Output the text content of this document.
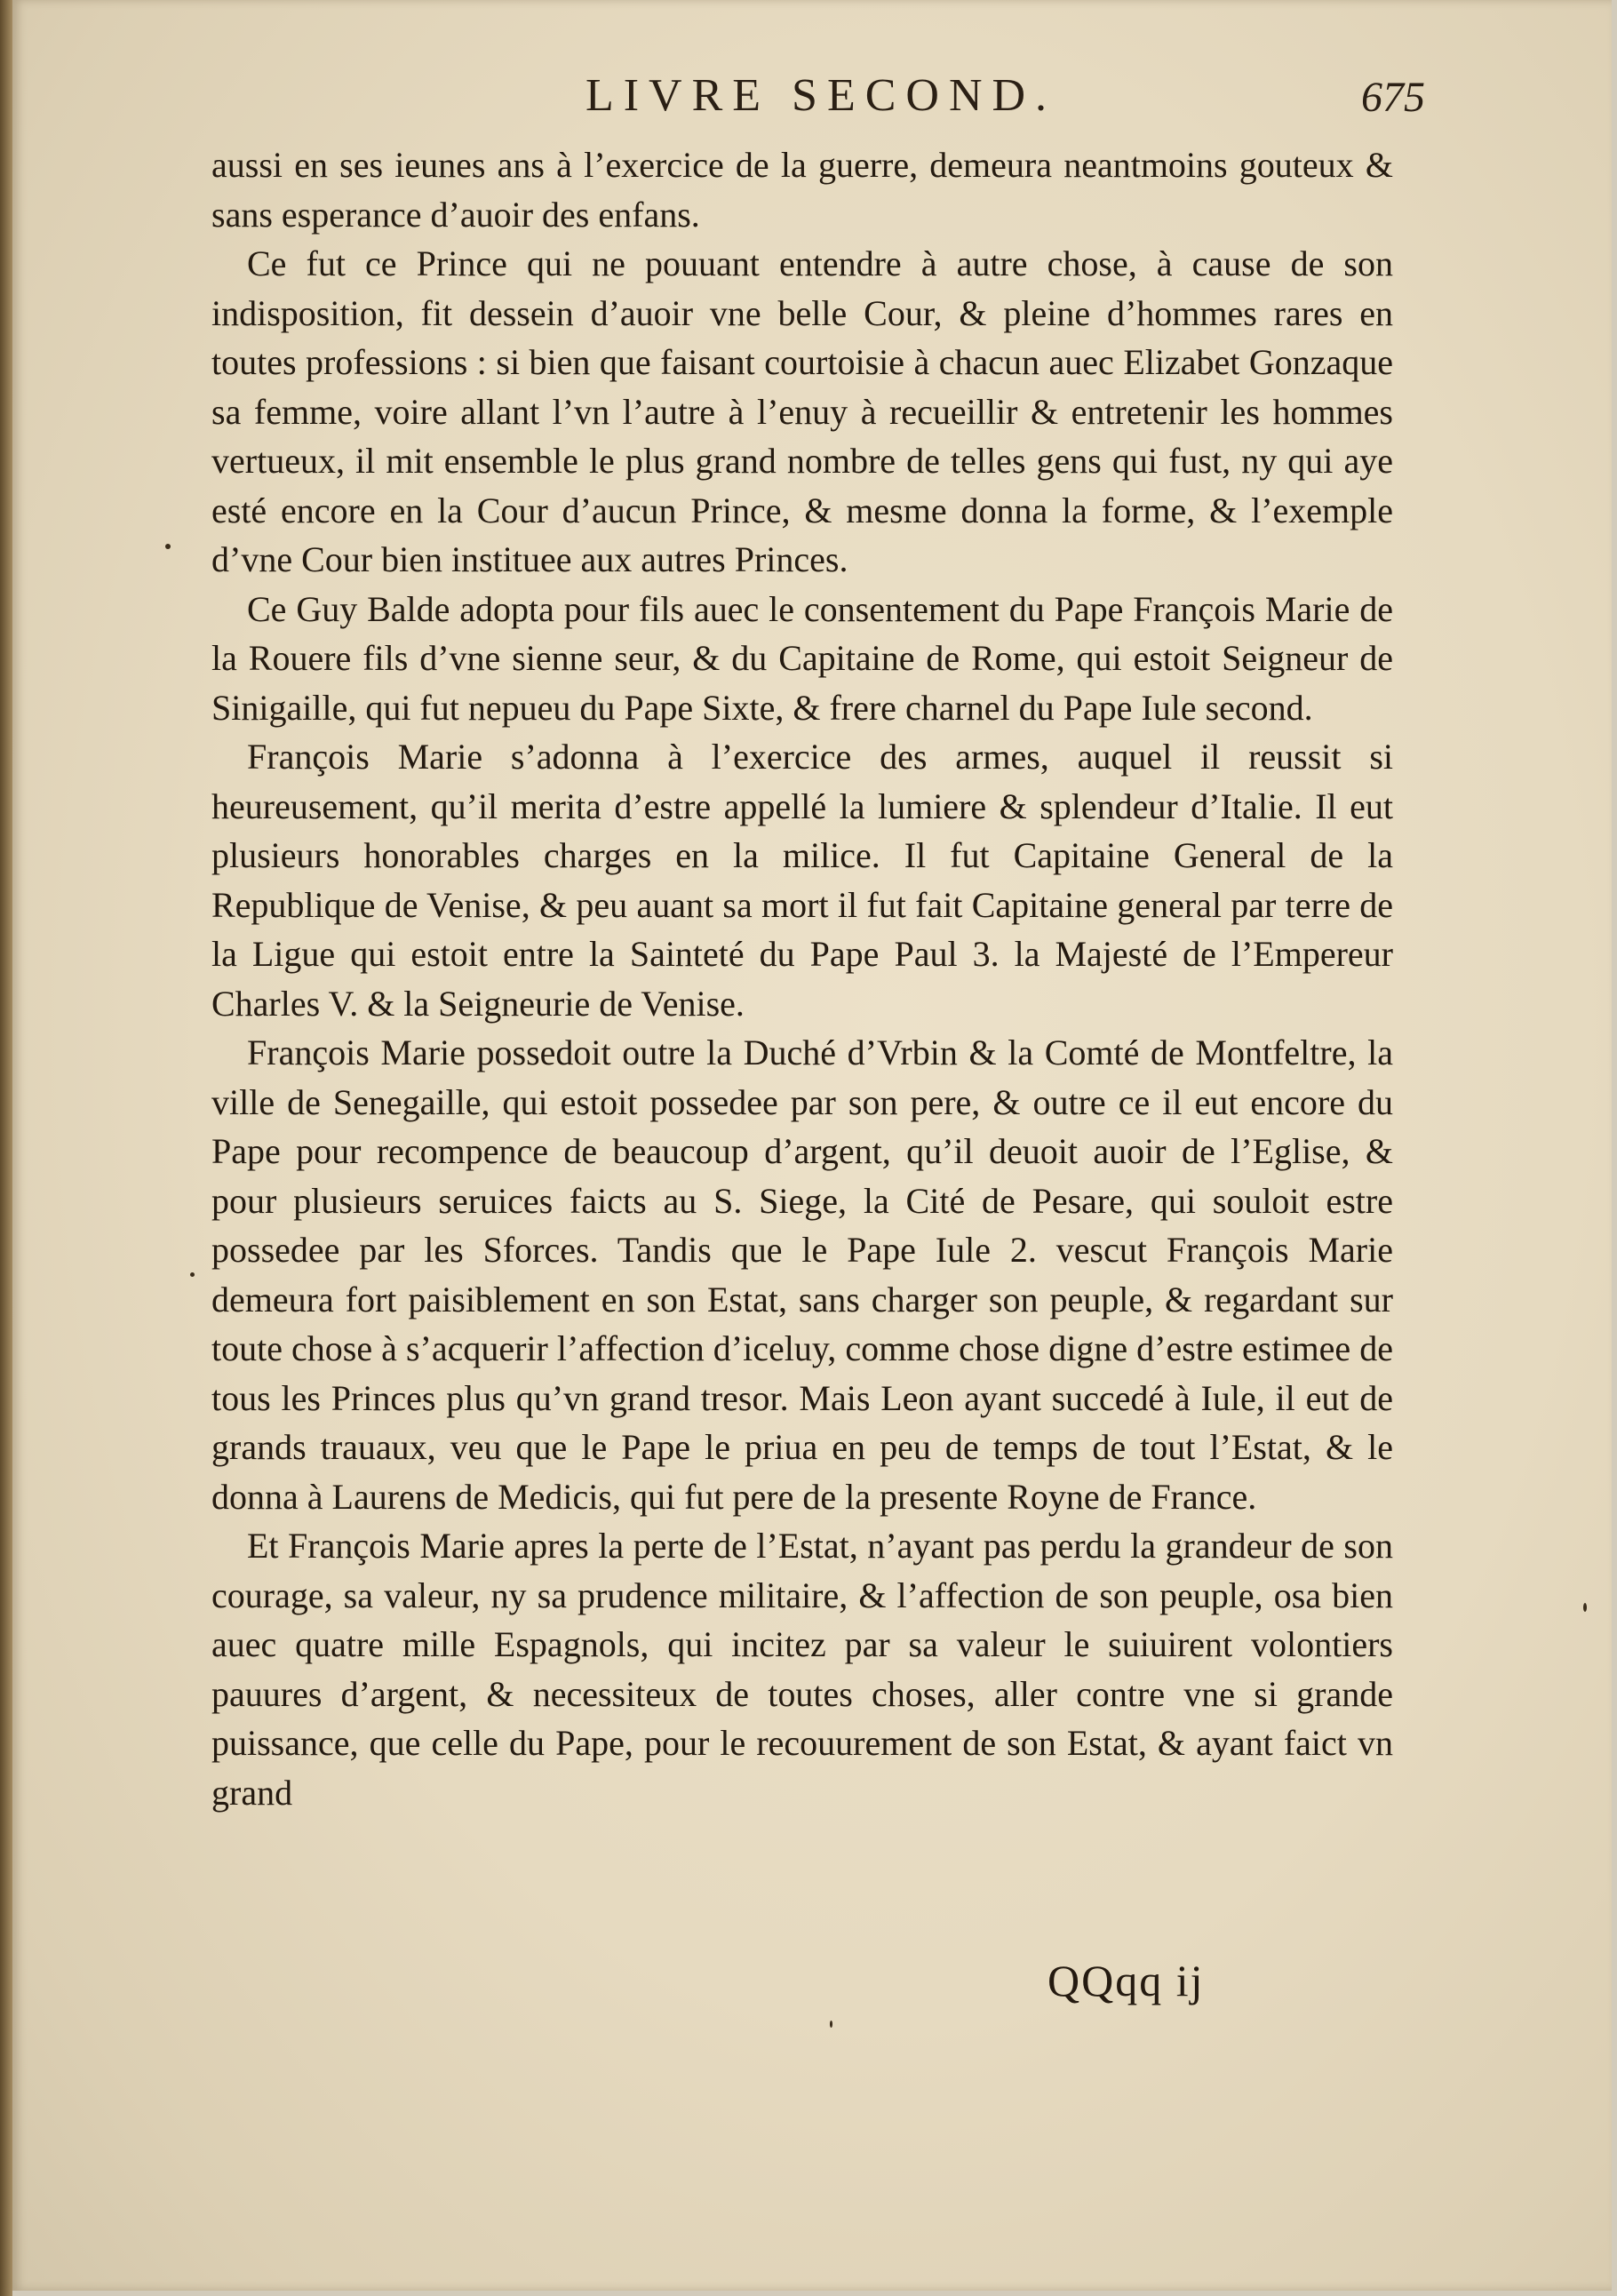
LIVRE SECOND.	675

aussi en ses ieunes ans à l’exercice de la guerre, demeura neantmoins gouteux & sans esperance d’auoir des enfans.

Ce fut ce Prince qui ne pouuant entendre à autre chose, à cause de son indisposition, fit dessein d’auoir vne belle Cour, & pleine d’hommes rares en toutes professions : si bien que faisant courtoisie à chacun auec Elizabet Gonzaque sa femme, voire allant l’vn l’autre à l’enuy à recueillir & entretenir les hommes vertueux, il mit ensemble le plus grand nombre de telles gens qui fust, ny qui aye esté encore en la Cour d’aucun Prince, & mesme donna la forme, & l’exemple d’vne Cour bien instituee aux autres Princes.

Ce Guy Balde adopta pour fils auec le consentement du Pape François Marie de la Rouere fils d’vne sienne seur, & du Capitaine de Rome, qui estoit Seigneur de Sinigaille, qui fut nepueu du Pape Sixte, & frere charnel du Pape Iule second.

François Marie s’adonna à l’exercice des armes, auquel il reussit si heureusement, qu’il merita d’estre appellé la lumiere & splendeur d’Italie. Il eut plusieurs honorables charges en la milice. Il fut Capitaine General de la Republique de Venise, & peu auant sa mort il fut fait Capitaine general par terre de la Ligue qui estoit entre la Sainteté du Pape Paul 3. la Majesté de l’Empereur Charles V. & la Seigneurie de Venise.

François Marie possedoit outre la Duché d’Vrbin & la Comté de Montfeltre, la ville de Senegaille, qui estoit possedee par son pere, & outre ce il eut encore du Pape pour recompence de beaucoup d’argent, qu’il deuoit auoir de l’Eglise, & pour plusieurs seruices faicts au S. Siege, la Cité de Pesare, qui souloit estre possedee par les Sforces. Tandis que le Pape Iule 2. vescut François Marie demeura fort paisiblement en son Estat, sans charger son peuple, & regardant sur toute chose à s’acquerir l’affection d’iceluy, comme chose digne d’estre estimee de tous les Princes plus qu’vn grand tresor. Mais Leon ayant succedé à Iule, il eut de grands trauaux, veu que le Pape le priua en peu de temps de tout l’Estat, & le donna à Laurens de Medicis, qui fut pere de la presente Royne de France.

Et François Marie apres la perte de l’Estat, n’ayant pas perdu la grandeur de son courage, sa valeur, ny sa prudence militaire, & l’affection de son peuple, osa bien auec quatre mille Espagnols, qui incitez par sa valeur le suiuirent volontiers pauures d’argent, & necessiteux de toutes choses, aller contre vne si grande puissance, que celle du Pape, pour le recouurement de son Estat, & ayant faict vn grand

QQqq ij
